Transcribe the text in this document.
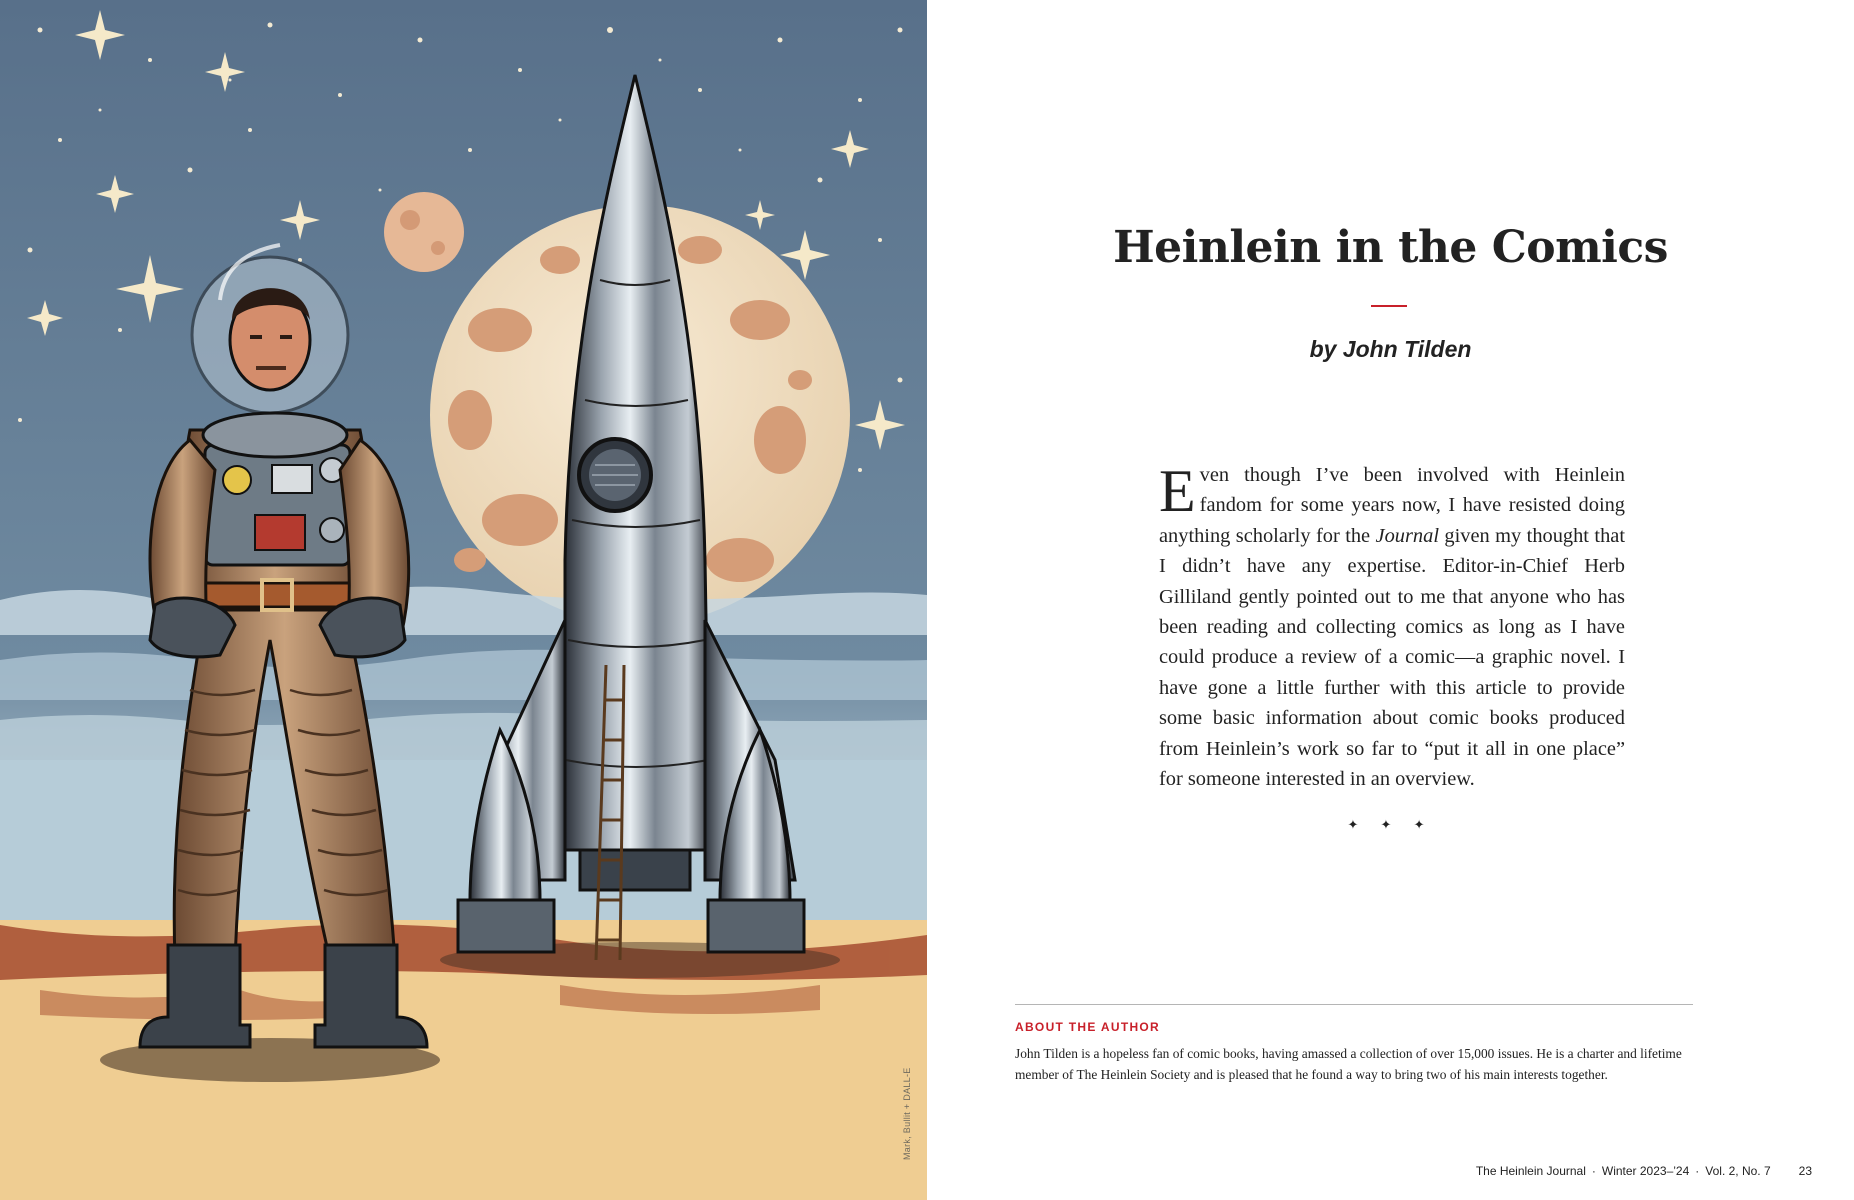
Mark, Bullit + DALL-E
Heinlein in the Comics
by John Tilden

Even though I’ve been involved with Heinlein fandom for some years now, I have resisted doing anything scholarly for the Journal given my thought that I didn’t have any expertise. Editor-in-Chief Herb Gilliland gently pointed out to me that anyone who has been reading and collecting comics as long as I have could produce a review of a comic—a graphic novel. I have gone a little further with this article to provide some basic information about comic books produced from Heinlein’s work so far to “put it all in one place” for someone interested in an overview.

✦ ✦ ✦
ABOUT THE AUTHOR

John Tilden is a hopeless fan of comic books, having amassed a collection of over 15,000 issues. He is a charter and lifetime member of The Heinlein Society and is pleased that he found a way to bring two of his main interests together.

The Heinlein Journal · Winter 2023–’24 · Vol. 2, No. 7 23
